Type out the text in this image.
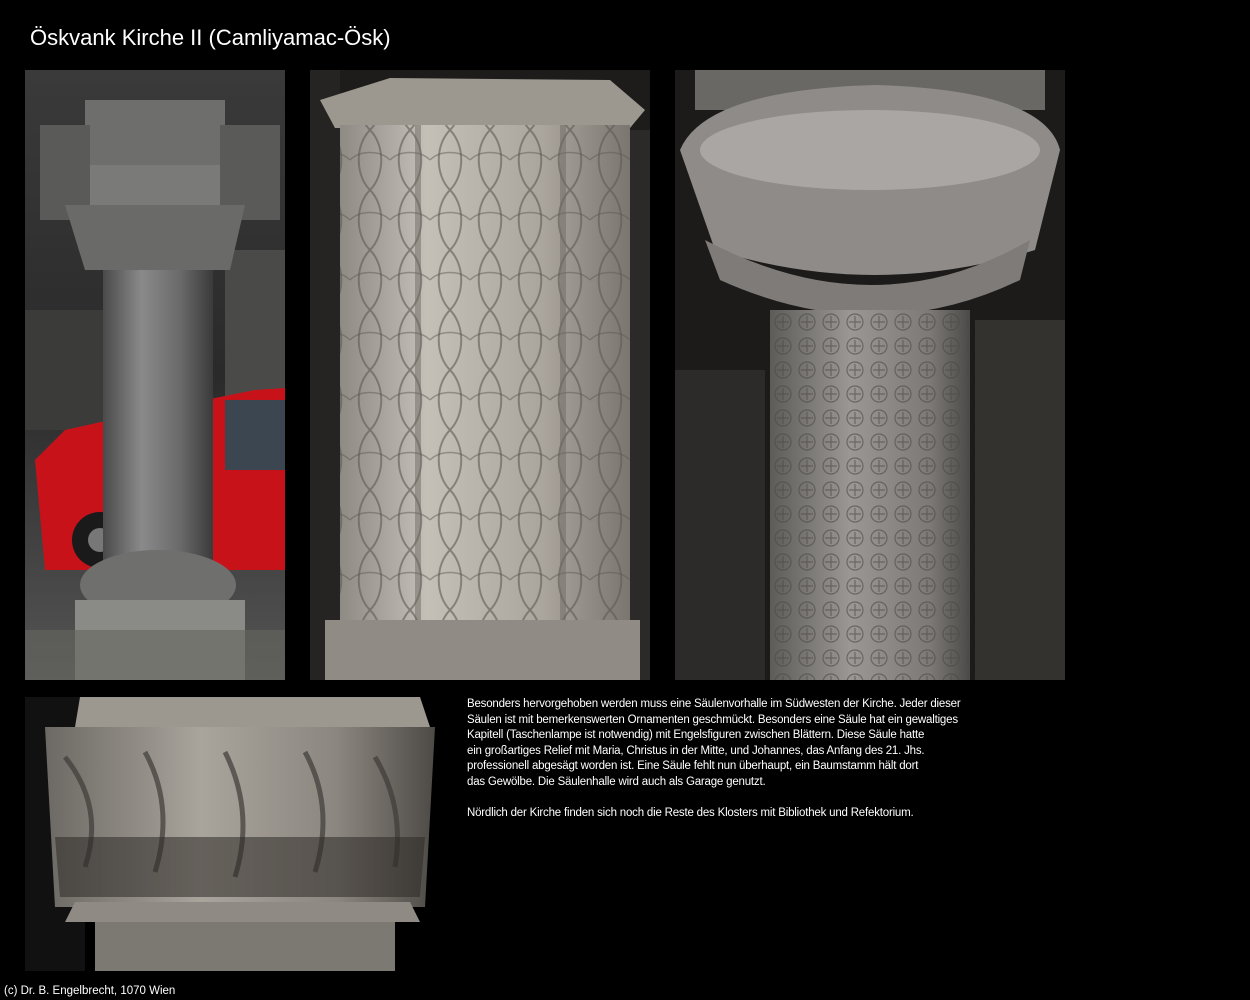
Öskvank Kirche II (Camliyamac-Ösk)
Besonders hervorgehoben werden muss eine Säulenvorhalle im Südwesten der Kirche. Jeder dieser
Säulen ist mit bemerkenswerten Ornamenten geschmückt. Besonders eine Säule hat ein gewaltiges
Kapitell (Taschenlampe ist notwendig) mit Engelsfiguren zwischen Blättern. Diese Säule hatte
ein großartiges Relief mit Maria, Christus in der Mitte, und Johannes, das Anfang des 21. Jhs.
professionell abgesägt worden ist. Eine Säule fehlt nun überhaupt, ein Baumstamm hält dort
das Gewölbe. Die Säulenhalle wird auch als Garage genutzt.
Nördlich der Kirche finden sich noch die Reste des Klosters mit Bibliothek und Refektorium.
(c) Dr. B. Engelbrecht, 1070 Wien
